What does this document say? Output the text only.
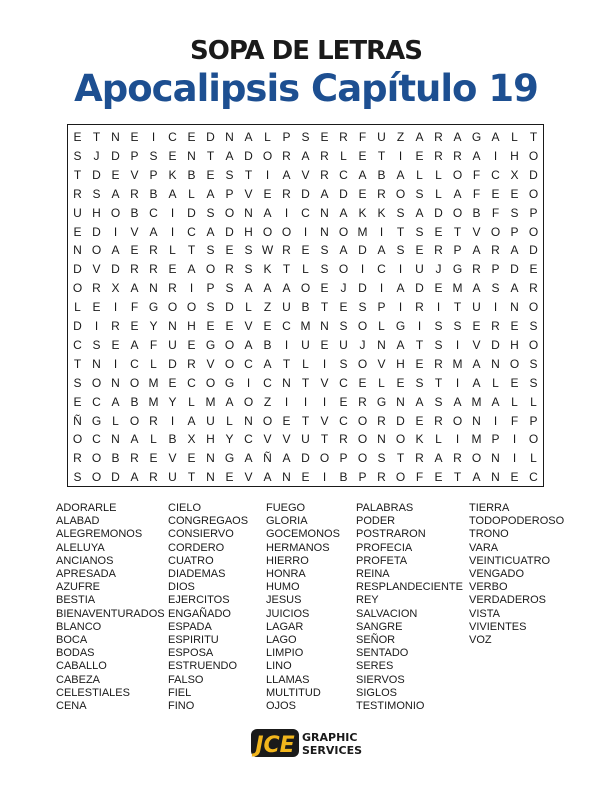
SOPA DE LETRAS
Apocalipsis Capítulo 19
E T N E	I	C E D N A L P S E R F U Z A R A G A L T
S	J D P S E N T A D O R A R L E T	I	E R R A	I	H O
T D E V P K B E S T	I	A V R C A B A L	L O F C X D
R S A R B A L A P V E R D A D E R O S L A F E E O
U H O B C	I	D S O N A	I	C N A K K S A D O B F S P
E D	I	V A	I	C A D H O O	I	N O M	I	T S E T V O P O
N O A E R L T S E S W R E S A D A S E R P A R A D
D V D R R E A O R S K T L S O	I	C	I	U J G R P D E
O R X A N R	I	P S A A A O E	J D	I	A D E M A S A R
L E	I	F G O O S D L Z U B T E S P	I	R	I	T U	I	N O
D	I	R E Y N H E E V E C M N S O L G	I	S S E R E S
C S E A F U E G O A B	I	U E U J N A T S	I	V D H O
T N	I	C L D R V O C A T L	I	S O V H E R M A N O S
S O N O M E C O G	I	C N T V C E L E S T	I	A L E S
E C A B M Y L M A O Z	I	I	I	E R G N A S A M A L	L
Ñ G L O R	I	A U L N O E T V C O R D E R O N	I	F P
O C N A L B X H Y C V V U T R O N O K L	I	M P	I	O
R O B R E V E N G A Ñ A D O P O S T R A R O N	I	L
S O D A R U T N E V A N E	I	B P R O F E T A N E C
ADORARLE
ALABAD
ALEGREMONOS
ALELUYA
ANCIANOS
APRESADA
AZUFRE
BESTIA
BIENAVENTURADOS
BLANCO
BOCA
BODAS
CABALLO
CABEZA
CELESTIALES
CENA
CIELO
CONGREGAOS
CONSIERVO
CORDERO
CUATRO
DIADEMAS
DIOS
EJERCITOS
ENGAÑADO
ESPADA
ESPIRITU
ESPOSA
ESTRUENDO
FALSO
FIEL
FINO
FUEGO
GLORIA
GOCEMONOS
HERMANOS
HIERRO
HONRA
HUMO
JESUS
JUICIOS
LAGAR
LAGO
LIMPIO
LINO
LLAMAS
MULTITUD
OJOS
PALABRAS
PODER
POSTRARON
PROFECIA
PROFETA
REINA
RESPLANDECIENTE
REY
SALVACION
SANGRE
SEÑOR
SENTADO
SERES
SIERVOS
SIGLOS
TESTIMONIO
TIERRA
TODOPODEROSO
TRONO
VARA
VEINTICUATRO
VENGADO
VERBO
VERDADEROS
VISTA
VIVIENTES
VOZ
JCE GRAPHIC
SERVICES
